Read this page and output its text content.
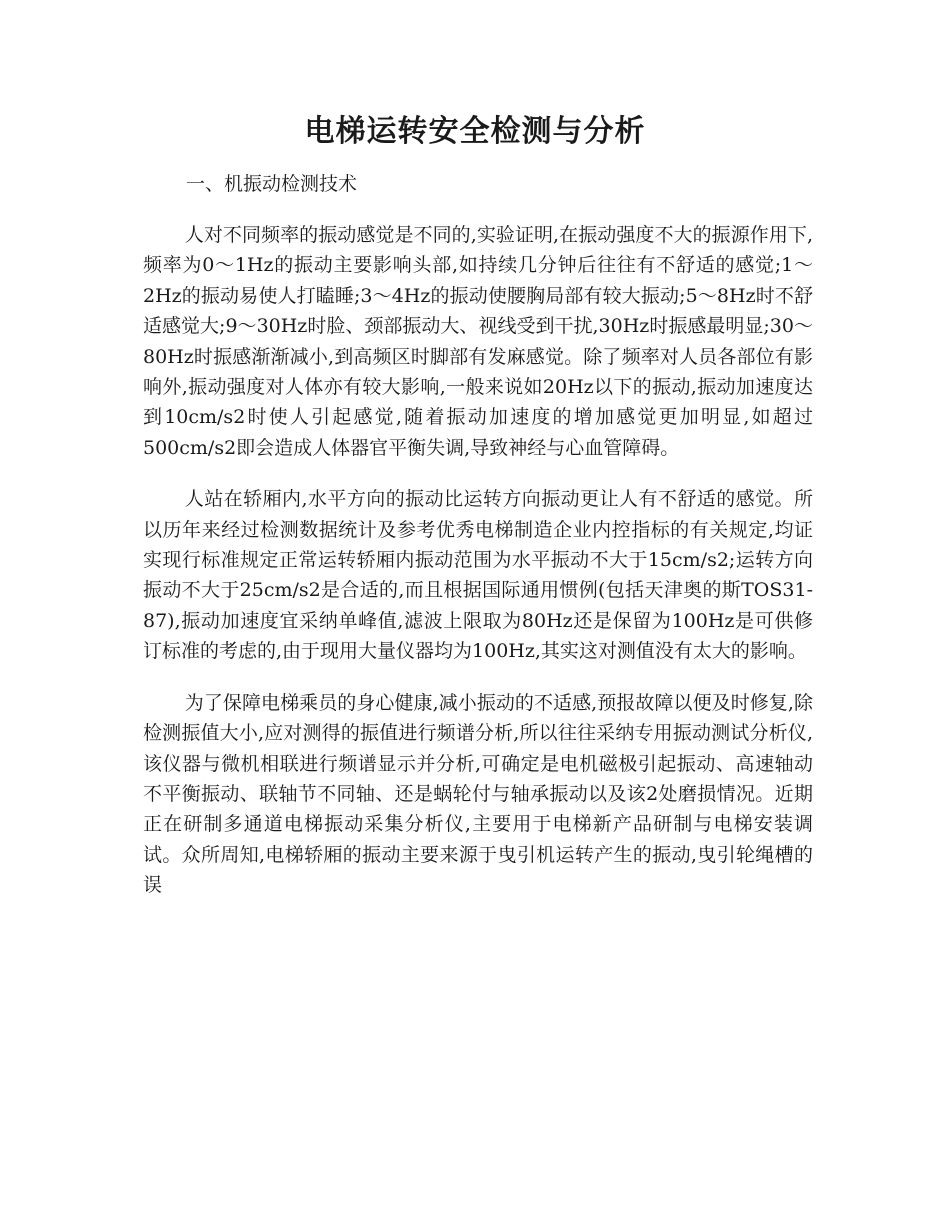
电梯运转安全检测与分析
一、机振动检测技术

人对不同频率的振动感觉是不同的,实验证明,在振动强度不大的振源作用下,频率为0～1Hz的振动主要影响头部,如持续几分钟后往往有不舒适的感觉;1～2Hz的振动易使人打瞌睡;3～4Hz的振动使腰胸局部有较大振动;5～8Hz时不舒适感觉大;9～30Hz时脸、颈部振动大、视线受到干扰,30Hz时振感最明显;30～80Hz时振感渐渐减小,到高频区时脚部有发麻感觉。除了频率对人员各部位有影响外,振动强度对人体亦有较大影响,一般来说如20Hz以下的振动,振动加速度达到10cm/s2时使人引起感觉,随着振动加速度的增加感觉更加明显,如超过500cm/s2即会造成人体器官平衡失调,导致神经与心血管障碍。

人站在轿厢内,水平方向的振动比运转方向振动更让人有不舒适的感觉。所以历年来经过检测数据统计及参考优秀电梯制造企业内控指标的有关规定,均证实现行标准规定正常运转轿厢内振动范围为水平振动不大于15cm/s2;运转方向振动不大于25cm/s2是合适的,而且根据国际通用惯例(包括天津奥的斯TOS31-87),振动加速度宜采纳单峰值,滤波上限取为80Hz还是保留为100Hz是可供修订标准的考虑的,由于现用大量仪器均为100Hz,其实这对测值没有太大的影响。

为了保障电梯乘员的身心健康,减小振动的不适感,预报故障以便及时修复,除检测振值大小,应对测得的振值进行频谱分析,所以往往采纳专用振动测试分析仪,该仪器与微机相联进行频谱显示并分析,可确定是电机磁极引起振动、高速轴动不平衡振动、联轴节不同轴、还是蜗轮付与轴承振动以及该2处磨损情况。近期正在研制多通道电梯振动采集分析仪,主要用于电梯新产品研制与电梯安装调试。众所周知,电梯轿厢的振动主要来源于曳引机运转产生的振动,曳引轮绳槽的误
